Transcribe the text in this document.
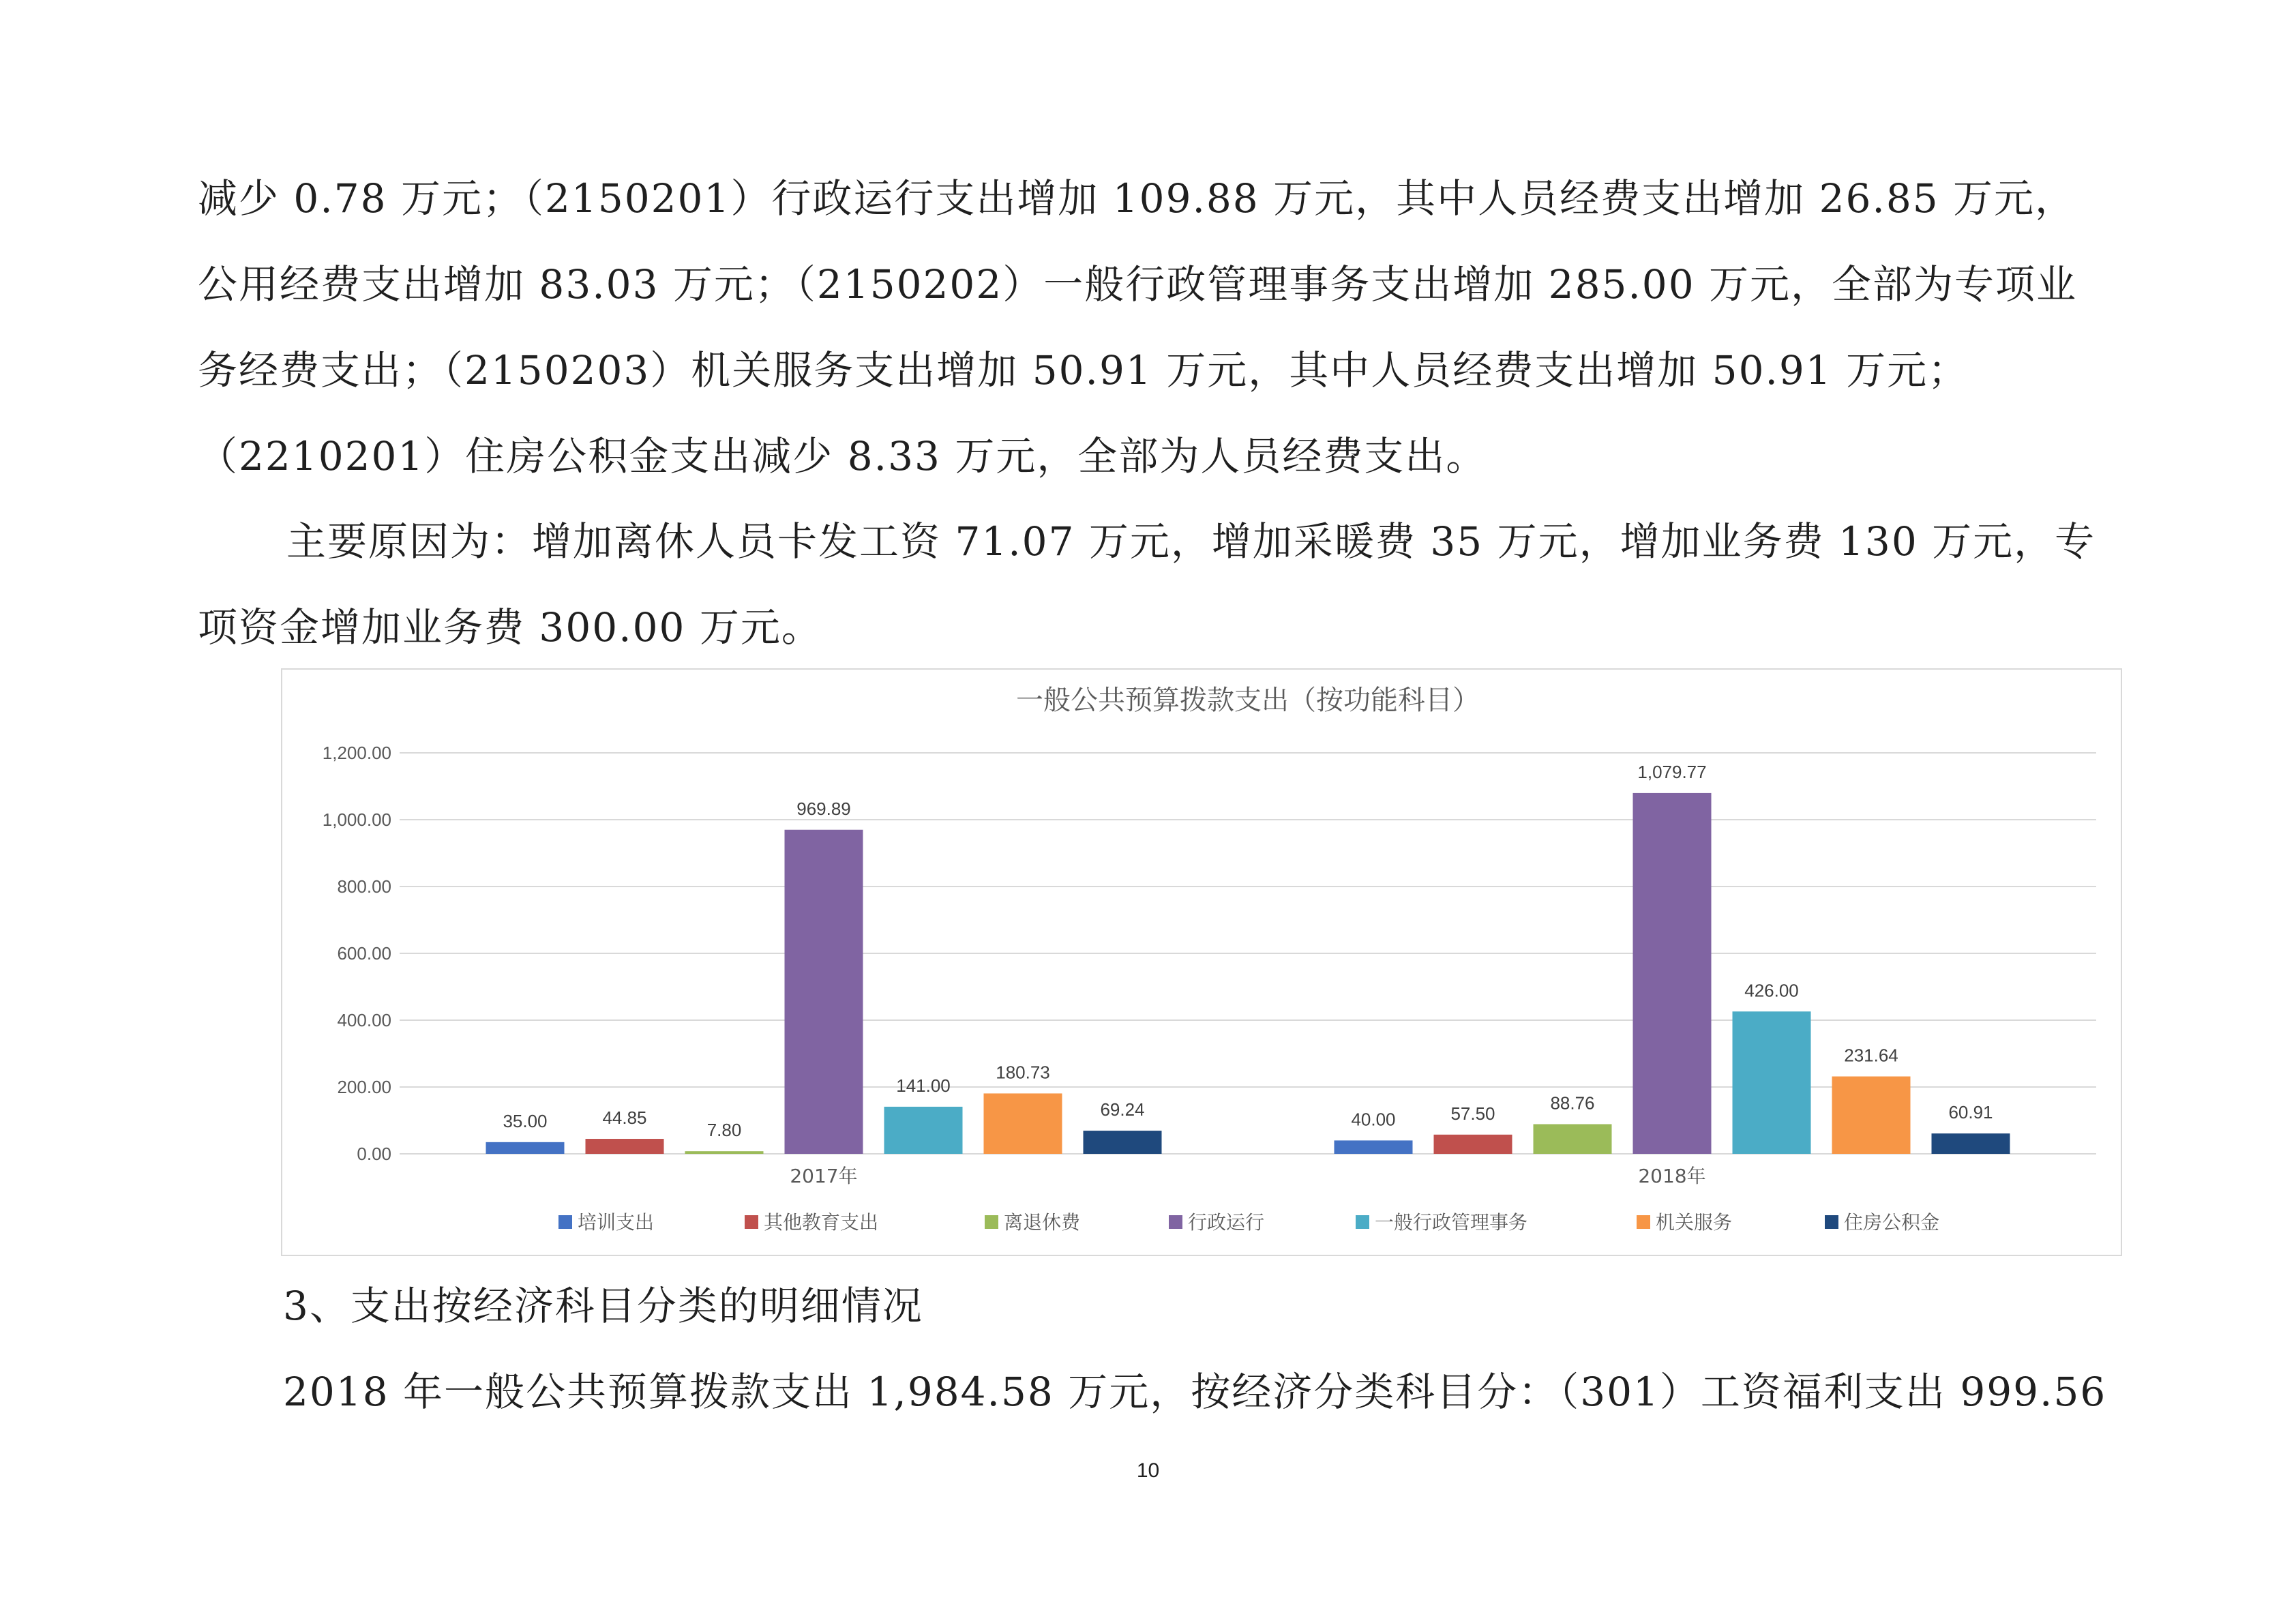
减少 0.78 万元；（2150201）行政运行支出增加 109.88 万元，其中人员经费支出增加 26.85 万元，公用经费支出增加 83.03 万元；（2150202）一般行政管理事务支出增加 285.00 万元，全部为专项业务经费支出；（2150203）机关服务支出增加 50.91 万元，其中人员经费支出增加 50.91 万元；（2210201）住房公积金支出减少 8.33 万元，全部为人员经费支出。

主要原因为：增加离休人员卡发工资 71.07 万元，增加采暖费 35 万元，增加业务费 130 万元，专项资金增加业务费 300.00 万元。

一般公共预算拨款支出（按功能科目）
0.00
200.00
400.00
600.00
800.00
1,000.00
1,200.00
35.00	44.85
7.80
969.89
141.00
180.73
69.24
2017年
40.00	57.50
88.76
1,079.77
426.00
231.64
60.91
2018年
培训支出	其他教育支出	离退休费	行政运行	一般行政管理事务	机关服务	住房公积金
3、支出按经济科目分类的明细情况
2018 年一般公共预算拨款支出 1,984.58 万元，按经济分类科目分：（301）工资福利支出 999.56
10
